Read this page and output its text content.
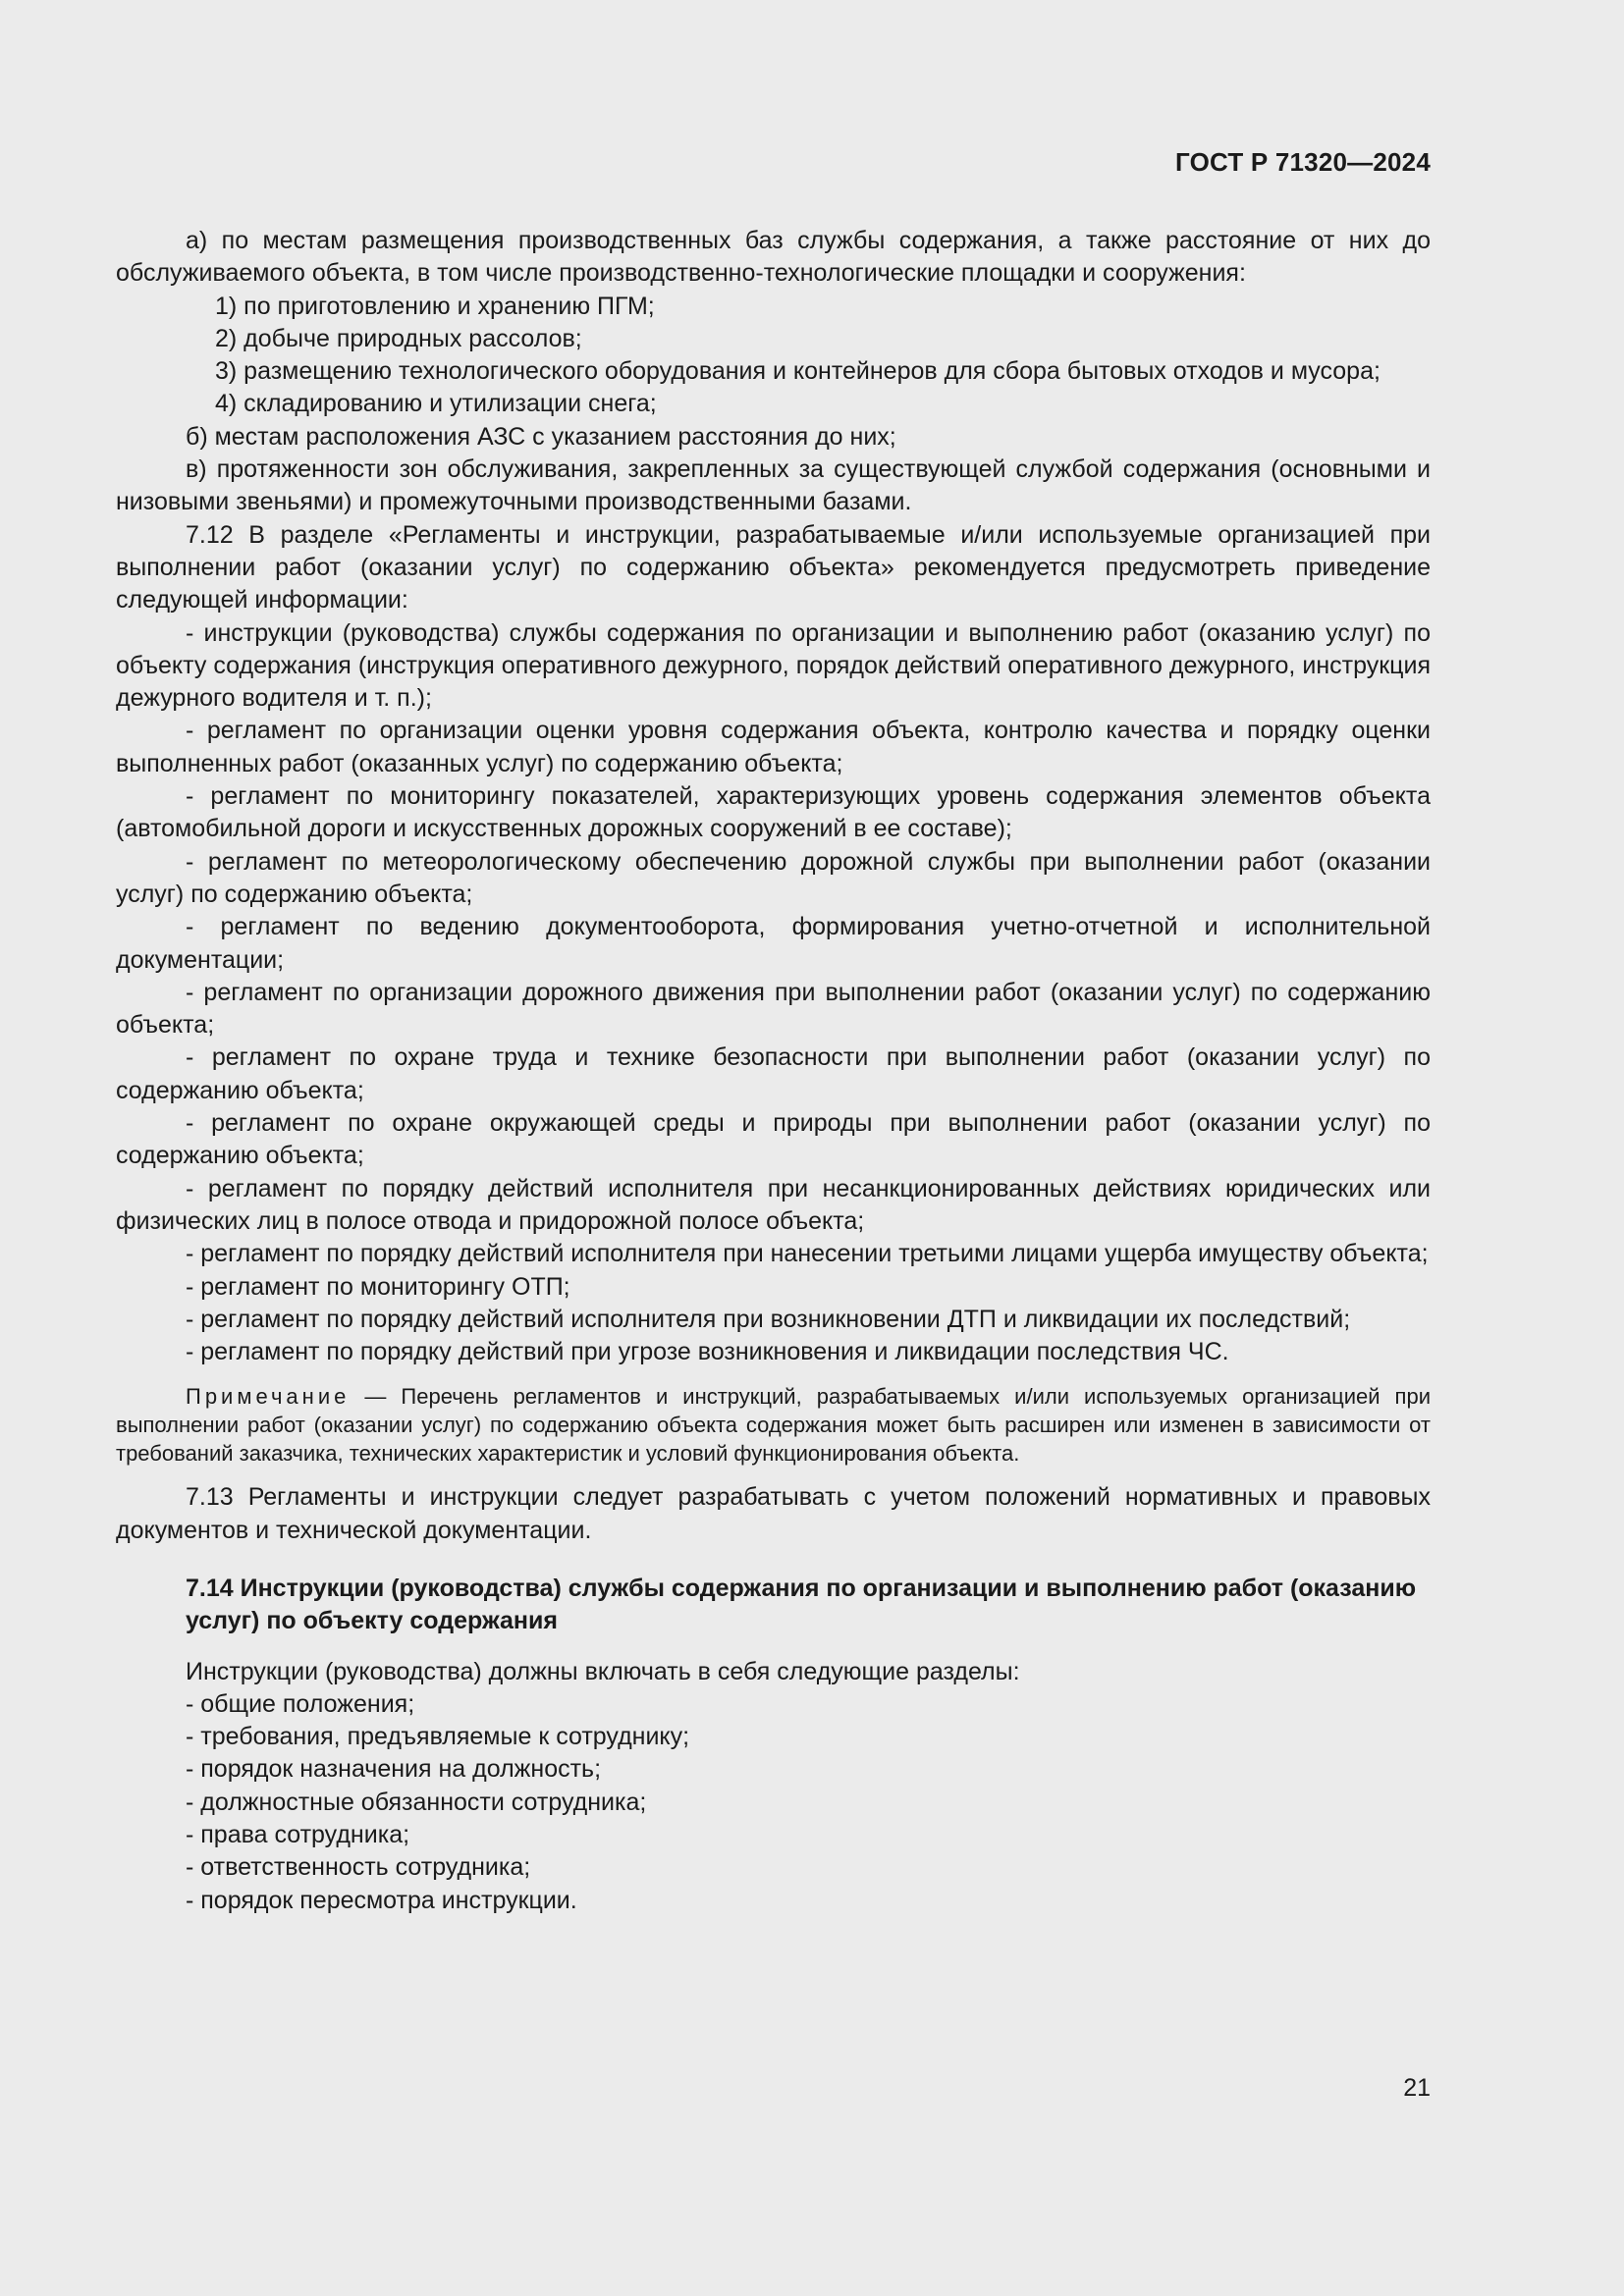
ГОСТ Р 71320—2024

а) по местам размещения производственных баз службы содержания, а также расстояние от них до обслуживаемого объекта, в том числе производственно-технологические площадки и сооружения:

1) по приготовлению и хранению ПГМ;

2) добыче природных рассолов;

3) размещению технологического оборудования и контейнеров для сбора бытовых отходов и мусора;

4) складированию и утилизации снега;

б) местам расположения АЗС с указанием расстояния до них;

в) протяженности зон обслуживания, закрепленных за существующей службой содержания (основными и низовыми звеньями) и промежуточными производственными базами.

7.12 В разделе «Регламенты и инструкции, разрабатываемые и/или используемые организацией при выполнении работ (оказании услуг) по содержанию объекта» рекомендуется предусмотреть приведение следующей информации:

- инструкции (руководства) службы содержания по организации и выполнению работ (оказанию услуг) по объекту содержания (инструкция оперативного дежурного, порядок действий оперативного дежурного, инструкция дежурного водителя и т. п.);

- регламент по организации оценки уровня содержания объекта, контролю качества и порядку оценки выполненных работ (оказанных услуг) по содержанию объекта;

- регламент по мониторингу показателей, характеризующих уровень содержания элементов объекта (автомобильной дороги и искусственных дорожных сооружений в ее составе);

- регламент по метеорологическому обеспечению дорожной службы при выполнении работ (оказании услуг) по содержанию объекта;

- регламент по ведению документооборота, формирования учетно-отчетной и исполнительной документации;

- регламент по организации дорожного движения при выполнении работ (оказании услуг) по содержанию объекта;

- регламент по охране труда и технике безопасности при выполнении работ (оказании услуг) по содержанию объекта;

- регламент по охране окружающей среды и природы при выполнении работ (оказании услуг) по содержанию объекта;

- регламент по порядку действий исполнителя при несанкционированных действиях юридических или физических лиц в полосе отвода и придорожной полосе объекта;

- регламент по порядку действий исполнителя при нанесении третьими лицами ущерба имуществу объекта;

- регламент по мониторингу ОТП;

- регламент по порядку действий исполнителя при возникновении ДТП и ликвидации их последствий;

- регламент по порядку действий при угрозе возникновения и ликвидации последствия ЧС.

Примечание — Перечень регламентов и инструкций, разрабатываемых и/или используемых организацией при выполнении работ (оказании услуг) по содержанию объекта содержания может быть расширен или изменен в зависимости от требований заказчика, технических характеристик и условий функционирования объекта.

7.13 Регламенты и инструкции следует разрабатывать с учетом положений нормативных и правовых документов и технической документации.

7.14 Инструкции (руководства) службы содержания по организации и выполнению работ (оказанию услуг) по объекту содержания

Инструкции (руководства) должны включать в себя следующие разделы:

- общие положения;

- требования, предъявляемые к сотруднику;

- порядок назначения на должность;

- должностные обязанности сотрудника;

- права сотрудника;

- ответственность сотрудника;

- порядок пересмотра инструкции.

21
